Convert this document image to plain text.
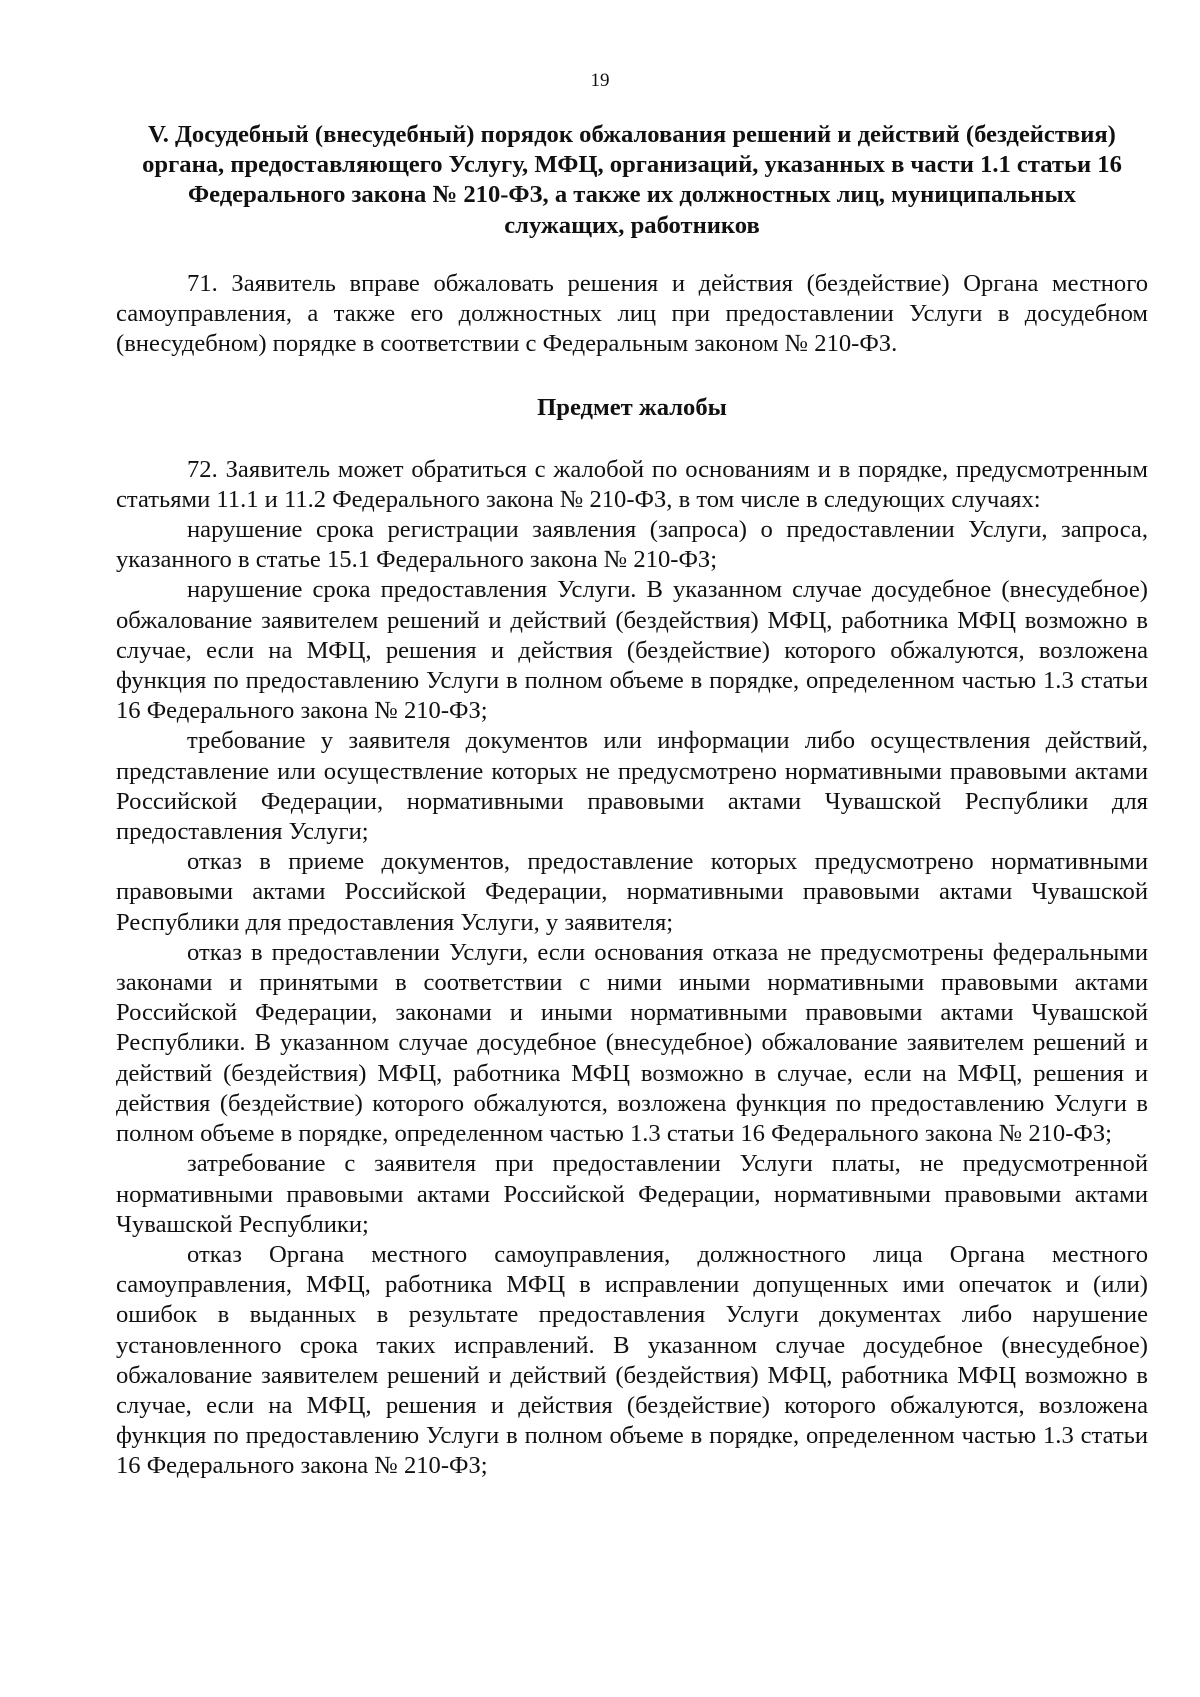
19
V. Досудебный (внесудебный) порядок обжалования решений и действий (бездействия) органа, предоставляющего Услугу, МФЦ, организаций, указанных в части 1.1 статьи 16 Федерального закона № 210-ФЗ, а также их должностных лиц, муниципальных служащих, работников

71. Заявитель вправе обжаловать решения и действия (бездействие) Органа местного самоуправления, а также его должностных лиц при предоставлении Услуги в досудебном (внесудебном) порядке в соответствии с Федеральным законом № 210-ФЗ.

Предмет жалобы

72. Заявитель может обратиться с жалобой по основаниям и в порядке, предусмотренным статьями 11.1 и 11.2 Федерального закона № 210-ФЗ, в том числе в следующих случаях:

нарушение срока регистрации заявления (запроса) о предоставлении Услуги, запроса, указанного в статье 15.1 Федерального закона № 210-ФЗ;

нарушение срока предоставления Услуги. В указанном случае досудебное (внесудебное) обжалование заявителем решений и действий (бездействия) МФЦ, работника МФЦ возможно в случае, если на МФЦ, решения и действия (бездействие) которого обжалуются, возложена функция по предоставлению Услуги в полном объеме в порядке, определенном частью 1.3 статьи 16 Федерального закона № 210-ФЗ;

требование у заявителя документов или информации либо осуществления действий, представление или осуществление которых не предусмотрено нормативными правовыми актами Российской Федерации, нормативными правовыми актами Чувашской Республики для предоставления Услуги;

отказ в приеме документов, предоставление которых предусмотрено нормативными правовыми актами Российской Федерации, нормативными правовыми актами Чувашской Республики для предоставления Услуги, у заявителя;

отказ в предоставлении Услуги, если основания отказа не предусмотрены федеральными законами и принятыми в соответствии с ними иными нормативными правовыми актами Российской Федерации, законами и иными нормативными правовыми актами Чувашской Республики. В указанном случае досудебное (внесудебное) обжалование заявителем решений и действий (бездействия) МФЦ, работника МФЦ возможно в случае, если на МФЦ, решения и действия (бездействие) которого обжалуются, возложена функция по предоставлению Услуги в полном объеме в порядке, определенном частью 1.3 статьи 16 Федерального закона № 210-ФЗ;

затребование с заявителя при предоставлении Услуги платы, не предусмотренной нормативными правовыми актами Российской Федерации, нормативными правовыми актами Чувашской Республики;

отказ Органа местного самоуправления, должностного лица Органа местного самоуправления, МФЦ, работника МФЦ в исправлении допущенных ими опечаток и (или) ошибок в выданных в результате предоставления Услуги документах либо нарушение установленного срока таких исправлений. В указанном случае досудебное (внесудебное) обжалование заявителем решений и действий (бездействия) МФЦ, работника МФЦ возможно в случае, если на МФЦ, решения и действия (бездействие) которого обжалуются, возложена функция по предоставлению Услуги в полном объеме в порядке, определенном частью 1.3 статьи 16 Федерального закона № 210-ФЗ;
